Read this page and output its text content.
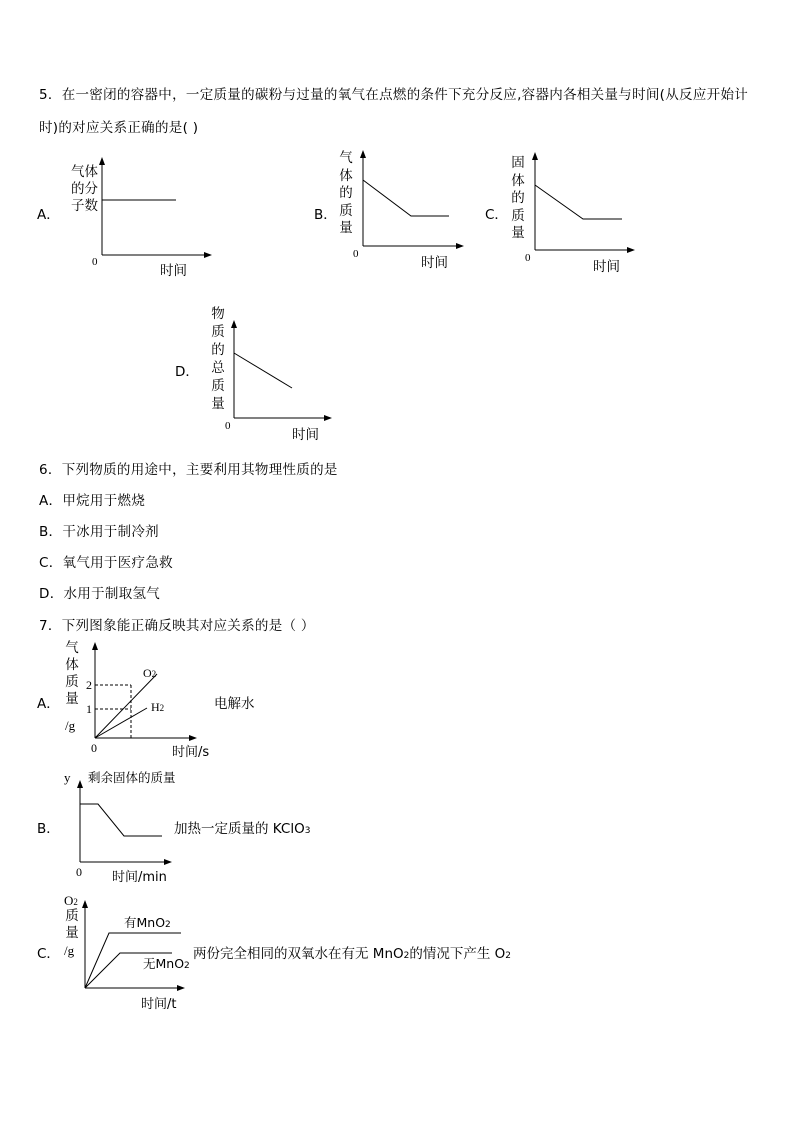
5．在一密闭的容器中，一定质量的碳粉与过量的氧气在点燃的条件下充分反应,容器内各相关量与时间(从反应开始计
时)的对应关系正确的是( )
A．
气体
的分
子数
0
时间
B．
气体的质量
0
时间
C．
固体的质量
0
时间
D．
物质的总质量
0
时间
6．下列物质的用途中，主要利用其物理性质的是
A．甲烷用于燃烧
B．干冰用于制冷剂
C．氧气用于医疗急救
D．水用于制取氢气
7．下列图象能正确反映其对应关系的是（ ）
A．
气体质量
/g
2
1
O2
H2
0	时间/s
电解水
B．
y 剩余固体的质量
0 时间/min
加热一定质量的 KClO3
C．
O2
质量
/g
有MnO2
无MnO2
时间/t
两份完全相同的双氧水在有无 MnO2的情况下产生 O2
